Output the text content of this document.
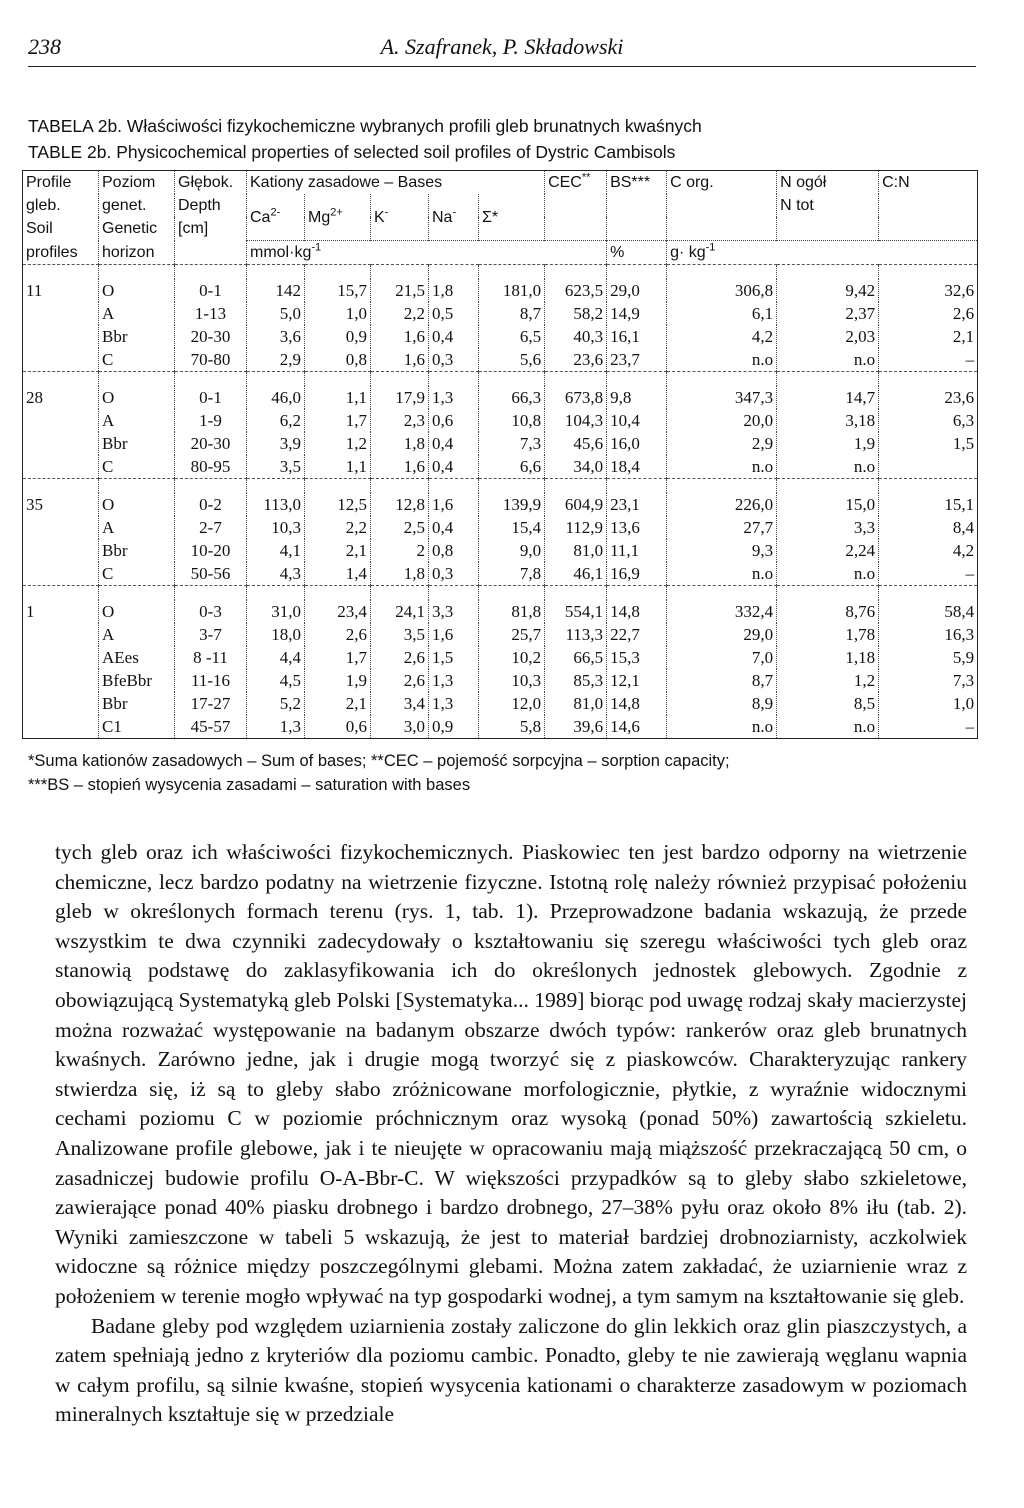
238	A. Szafranek, P. Składowski
TABELA 2b. Właściwości fizykochemiczne wybranych profili gleb brunatnych kwaśnych
TABLE 2b. Physicochemical properties of selected soil profiles of Dystric Cambisols
Profile	Poziom	Głębok.	Kationy zasadowe – Bases					CEC**	BS***	C org.	N ogół	C:N
gleb.	genet.	Depth	$Ca^{2-}$	$Mg^{2+}$	K-	Na-	Σ*				N tot	
Soil	Genetic	[cm]										
profiles	horizon		$mmol\cdot kg^{-1}$						%	$g\cdot kg^{-1}$

11	O	0-1	142	15,7	21,5	1,8	181,0	623,5	29,0	306,8	9,42	32,6
	A	1-13	5,0	1,0	2,2	0,5	8,7	58,2	14,9	6,1	2,37	2,6
	Bbr	20-30	3,6	0,9	1,6	0,4	6,5	40,3	16,1	4,2	2,03	2,1
	C	70-80	2,9	0,8	1,6	0,3	5,6	23,6	23,7	n.o	n.o	–

28	O	0-1	46,0	1,1	17,9	1,3	66,3	673,8	9,8	347,3	14,7	23,6
	A	1-9	6,2	1,7	2,3	0,6	10,8	104,3	10,4	20,0	3,18	6,3
	Bbr	20-30	3,9	1,2	1,8	0,4	7,3	45,6	16,0	2,9	1,9	1,5
	C	80-95	3,5	1,1	1,6	0,4	6,6	34,0	18,4	n.o	n.o	

35	O	0-2	113,0	12,5	12,8	1,6	139,9	604,9	23,1	226,0	15,0	15,1
	A	2-7	10,3	2,2	2,5	0,4	15,4	112,9	13,6	27,7	3,3	8,4
	Bbr	10-20	4,1	2,1	2	0,8	9,0	81,0	11,1	9,3	2,24	4,2
	C	50-56	4,3	1,4	1,8	0,3	7,8	46,1	16,9	n.o	n.o	–

1	O	0-3	31,0	23,4	24,1	3,3	81,8	554,1	14,8	332,4	8,76	58,4
	A	3-7	18,0	2,6	3,5	1,6	25,7	113,3	22,7	29,0	1,78	16,3
	AEes	8 -11	4,4	1,7	2,6	1,5	10,2	66,5	15,3	7,0	1,18	5,9
	BfeBbr	11-16	4,5	1,9	2,6	1,3	10,3	85,3	12,1	8,7	1,2	7,3
	Bbr	17-27	5,2	2,1	3,4	1,3	12,0	81,0	14,8	8,9	8,5	1,0
	C1	45-57	1,3	0,6	3,0	0,9	5,8	39,6	14,6	n.o	n.o	–
*Suma kationów zasadowych – Sum of bases; **CEC – pojemość sorpcyjna – sorption capacity;
***BS – stopień wysycenia zasadami – saturation with bases

tych gleb oraz ich właściwości fizykochemicznych. Piaskowiec ten jest bardzo odporny na wietrzenie chemiczne, lecz bardzo podatny na wietrzenie fizyczne. Istotną rolę należy również przypisać położeniu gleb w określonych formach terenu (rys. 1, tab. 1). Przeprowadzone badania wskazują, że przede wszystkim te dwa czynniki zadecydowały o kształtowaniu się szeregu właściwości tych gleb oraz stanowią podstawę do zaklasyfikowania ich do określonych jednostek glebowych. Zgodnie z obowiązującą Systematyką gleb Polski [Systematyka... 1989] biorąc pod uwagę rodzaj skały macierzystej można rozważać występowanie na badanym obszarze dwóch typów: rankerów oraz gleb brunatnych kwaśnych. Zarówno jedne, jak i drugie mogą tworzyć się z piaskowców. Charakteryzując rankery stwierdza się, iż są to gleby słabo zróżnicowane morfologicznie, płytkie, z wyraźnie widocznymi cechami poziomu C w poziomie próchnicznym oraz wysoką (ponad 50%) zawartością szkieletu. Analizowane profile glebowe, jak i te nieujęte w opracowaniu mają miąższość przekraczającą 50 cm, o zasadniczej budowie profilu O-A-Bbr-C. W większości przypadków są to gleby słabo szkieletowe, zawierające ponad 40% piasku drobnego i bardzo drobnego, 27–38% pyłu oraz około 8% iłu (tab. 2). Wyniki zamieszczone w tabeli 5 wskazują, że jest to materiał bardziej drobnoziarnisty, aczkolwiek widoczne są różnice między poszczególnymi glebami. Można zatem zakładać, że uziarnienie wraz z położeniem w terenie mogło wpływać na typ gospodarki wodnej, a tym samym na kształtowanie się gleb.

Badane gleby pod względem uziarnienia zostały zaliczone do glin lekkich oraz glin piaszczystych, a zatem spełniają jedno z kryteriów dla poziomu cambic. Ponadto, gleby te nie zawierają węglanu wapnia w całym profilu, są silnie kwaśne, stopień wysycenia kationami o charakterze zasadowym w poziomach mineralnych kształtuje się w przedziale
